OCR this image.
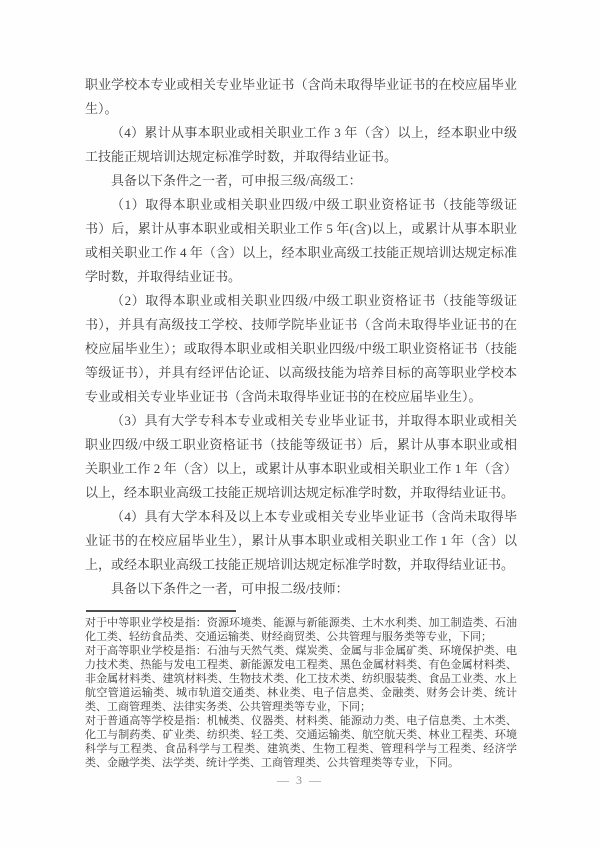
职业学校本专业或相关专业毕业证书（含尚未取得毕业证书的在校应届毕业生）。

（4）累计从事本职业或相关职业工作 3 年（含）以上，经本职业中级工技能正规培训达规定标准学时数，并取得结业证书。

具备以下条件之一者，可申报三级/高级工：

（1）取得本职业或相关职业四级/中级工职业资格证书（技能等级证书）后，累计从事本职业或相关职业工作 5 年(含)以上，或累计从事本职业或相关职业工作 4 年（含）以上，经本职业高级工技能正规培训达规定标准学时数，并取得结业证书。

（2）取得本职业或相关职业四级/中级工职业资格证书（技能等级证书），并具有高级技工学校、技师学院毕业证书（含尚未取得毕业证书的在校应届毕业生）；或取得本职业或相关职业四级/中级工职业资格证书（技能等级证书），并具有经评估论证、以高级技能为培养目标的高等职业学校本专业或相关专业毕业证书（含尚未取得毕业证书的在校应届毕业生）。

（3）具有大学专科本专业或相关专业毕业证书，并取得本职业或相关职业四级/中级工职业资格证书（技能等级证书）后，累计从事本职业或相关职业工作 2 年（含）以上，或累计从事本职业或相关职业工作 1 年（含）以上，经本职业高级工技能正规培训达规定标准学时数，并取得结业证书。

（4）具有大学本科及以上本专业或相关专业毕业证书（含尚未取得毕业证书的在校应届毕业生），累计从事本职业或相关职业工作 1 年（含）以上，或经本职业高级工技能正规培训达规定标准学时数，并取得结业证书。

具备以下条件之一者，可申报二级/技师：

对于中等职业学校是指：资源环境类、能源与新能源类、土木水利类、加工制造类、石油化工类、轻纺食品类、交通运输类、财经商贸类、公共管理与服务类等专业，下同；

对于高等职业学校是指：石油与天然气类、煤炭类、金属与非金属矿类、环境保护类、电力技术类、热能与发电工程类、新能源发电工程类、黑色金属材料类、有色金属材料类、非金属材料类、建筑材料类、生物技术类、化工技术类、纺织服装类、食品工业类、水上航空管道运输类、城市轨道交通类、林业类、电子信息类、金融类、财务会计类、统计类、工商管理类、法律实务类、公共管理类等专业，下同；

对于普通高等学校是指：机械类、仪器类、材料类、能源动力类、电子信息类、土木类、化工与制药类、矿业类、纺织类、轻工类、交通运输类、航空航天类、林业工程类、环境科学与工程类、食品科学与工程类、建筑类、生物工程类、管理科学与工程类、经济学类、金融学类、法学类、统计学类、工商管理类、公共管理类等专业，下同。

— 3 —
